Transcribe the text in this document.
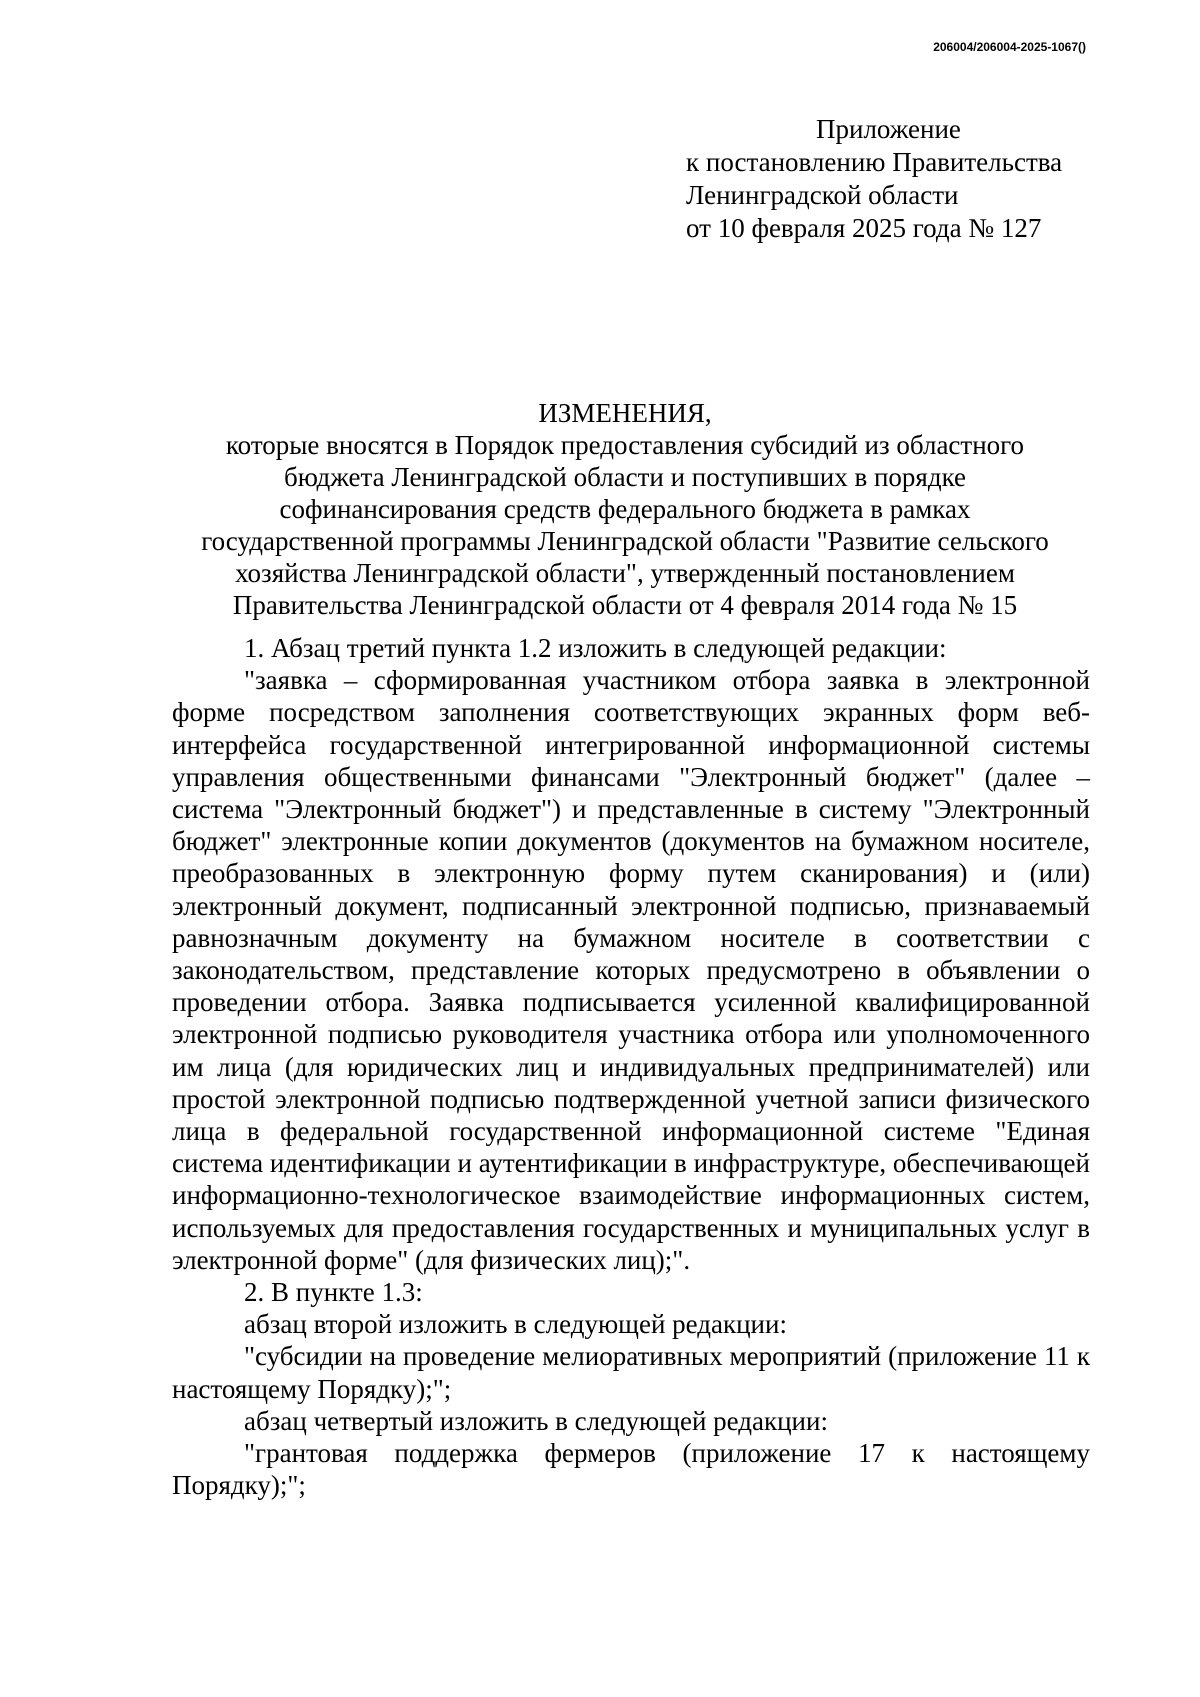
206004/206004-2025-1067()
Приложение
к постановлению Правительства
Ленинградской области
от 10 февраля 2025 года № 127
ИЗМЕНЕНИЯ,
которые вносятся в Порядок предоставления субсидий из областного
бюджета Ленинградской области и поступивших в порядке
софинансирования средств федерального бюджета в рамках
государственной программы Ленинградской области "Развитие сельского
хозяйства Ленинградской области", утвержденный постановлением
Правительства Ленинградской области от 4 февраля 2014 года № 15

1. Абзац третий пункта 1.2 изложить в следующей редакции:

"заявка – сформированная участником отбора заявка в электронной форме посредством заполнения соответствующих экранных форм веб-интерфейса государственной интегрированной информационной системы управления общественными финансами "Электронный бюджет" (далее – система "Электронный бюджет") и представленные в систему "Электронный бюджет" электронные копии документов (документов на бумажном носителе, преобразованных в электронную форму путем сканирования) и (или) электронный документ, подписанный электронной подписью, признаваемый равнозначным документу на бумажном носителе в соответствии с законодательством, представление которых предусмотрено в объявлении о проведении отбора. Заявка подписывается усиленной квалифицированной электронной подписью руководителя участника отбора или уполномоченного им лица (для юридических лиц и индивидуальных предпринимателей) или простой электронной подписью подтвержденной учетной записи физического лица в федеральной государственной информационной системе "Единая система идентификации и аутентификации в инфраструктуре, обеспечивающей информационно-технологическое взаимодействие информационных систем, используемых для предоставления государственных и муниципальных услуг в электронной форме" (для физических лиц);".

2. В пункте 1.3:

абзац второй изложить в следующей редакции:

"субсидии на проведение мелиоративных мероприятий (приложение 11 к настоящему Порядку);";

абзац четвертый изложить в следующей редакции:

"грантовая поддержка фермеров (приложение 17 к настоящему Порядку);";
